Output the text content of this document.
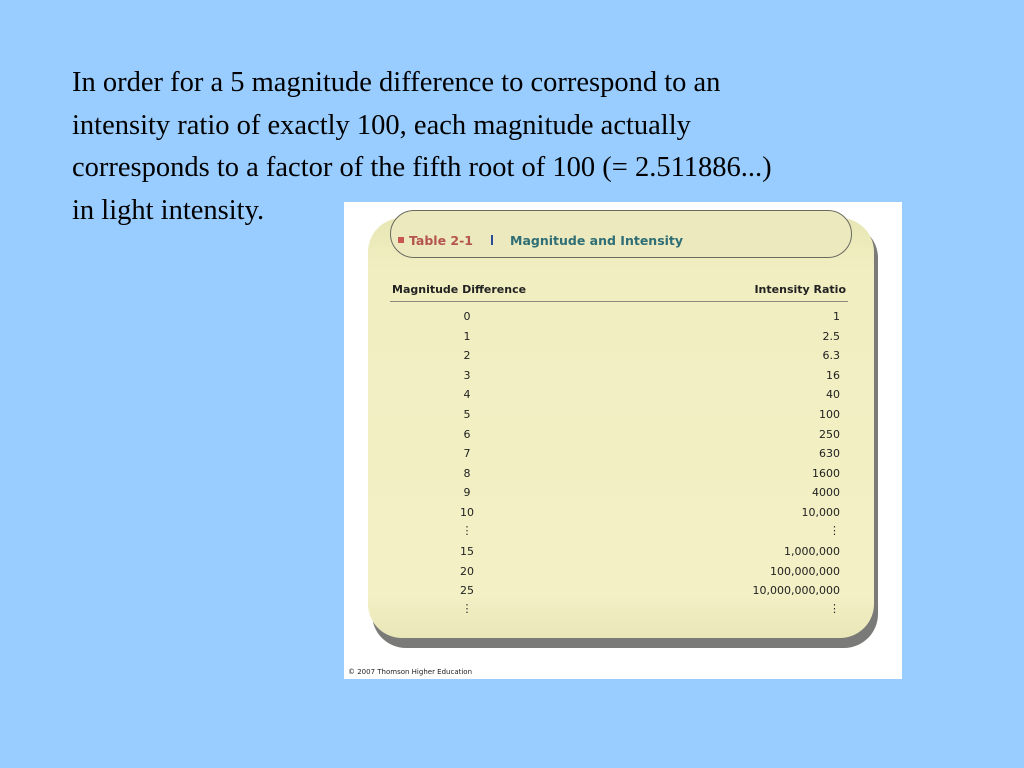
In order for a 5 magnitude difference to correspond to an
intensity ratio of exactly 100, each magnitude actually
corresponds to a factor of the fifth root of 100 (= 2.511886...)
in light intensity.
Table 2-1	Magnitude and Intensity
Magnitude Difference	Intensity Ratio
0	1
1	2.5
2	6.3
3	16
4	40
5	100
6	250
7	630
8	1600
9	4000
10	10,000
⋮	⋮
15	1,000,000
20	100,000,000
25	10,000,000,000
⋮	⋮
© 2007 Thomson Higher Education
